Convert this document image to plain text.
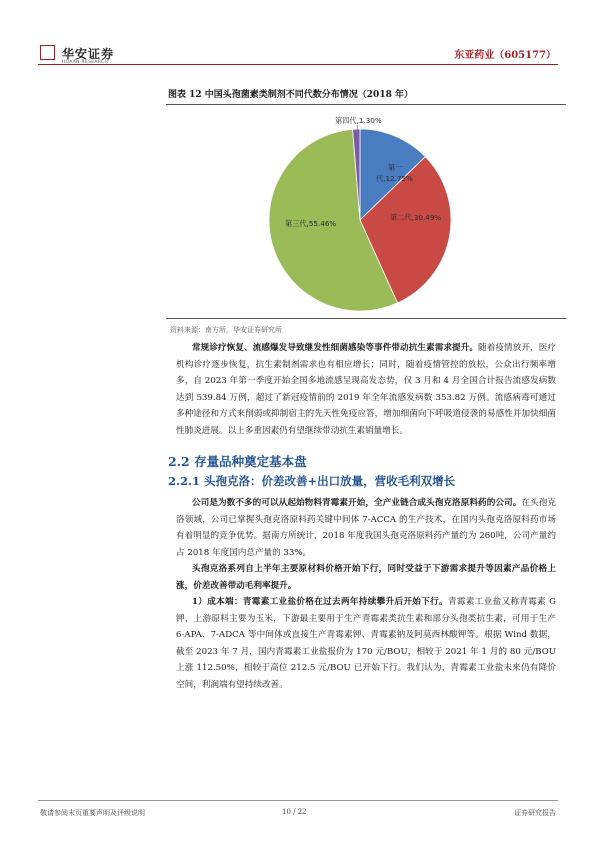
华安证券
HUAAN RESEARCH
东亚药业（605177）
图表 12 中国头孢菌素类制剂不同代数分布情况（2018 年）
第一代,12.75%
第二代,30.49%
第三代,55.46%
第四代,1.30%
资料来源：南方所，华安证券研究所
常规诊疗恢复、流感爆发导致继发性细菌感染等事件带动抗生素需求提升。随着疫情放开，医疗机构诊疗逐步恢复，抗生素制剂需求也有相应增长；同时，随着疫情管控的放松，公众出行频率增多，自 2023 年第一季度开始全国多地流感呈现高发态势，仅 3 月和 4 月全国合计报告流感发病数达到 539.84 万例，超过了新冠疫情前的 2019 年全年流感发病数 353.82 万例。流感病毒可通过多种途径和方式来削弱或抑制宿主的先天性免疫应答，增加细菌向下呼吸道侵袭的易感性并加快细菌性肺炎进展。以上多重因素仍有望继续带动抗生素销量增长。
2.2 存量品种奠定基本盘
2.2.1 头孢克洛：价差改善+出口放量，营收毛利双增长
公司是为数不多的可以从起始物料青霉素开始，全产业链合成头孢克洛原料药的公司。在头孢克洛领域，公司已掌握头孢克洛原料药关键中间体 7-ACCA 的生产技术，在国内头孢克洛原料药市场有着明显的竞争优势。据南方所统计，2018 年度我国头孢克洛原料药产量约为 260吨，公司产量约占 2018 年度国内总产量的 33%。
头孢克洛系列自上半年主要原材料价格开始下行，同时受益于下游需求提升等因素产品价格上涨，价差改善带动毛利率提升。
1）成本端：青霉素工业盐价格在过去两年持续攀升后开始下行。青霉素工业盐又称青霉素 G 钾，上游原料主要为玉米，下游最主要用于生产青霉素类抗生素和部分头孢类抗生素，可用于生产 6-APA、7-ADCA 等中间体或直接生产青霉素钾、青霉素钠及阿莫西林酸钾等。根据 Wind 数据，截至 2023 年 7 月，国内青霉素工业盐报价为 170 元/BOU，相较于 2021 年 1 月的 80 元/BOU 上涨 112.50%，相较于高位 212.5 元/BOU 已开始下行。我们认为，青霉素工业盐未来仍有降价空间，利润端有望持续改善。
敬请参阅末页重要声明及评级说明	10 / 22	证券研究报告
